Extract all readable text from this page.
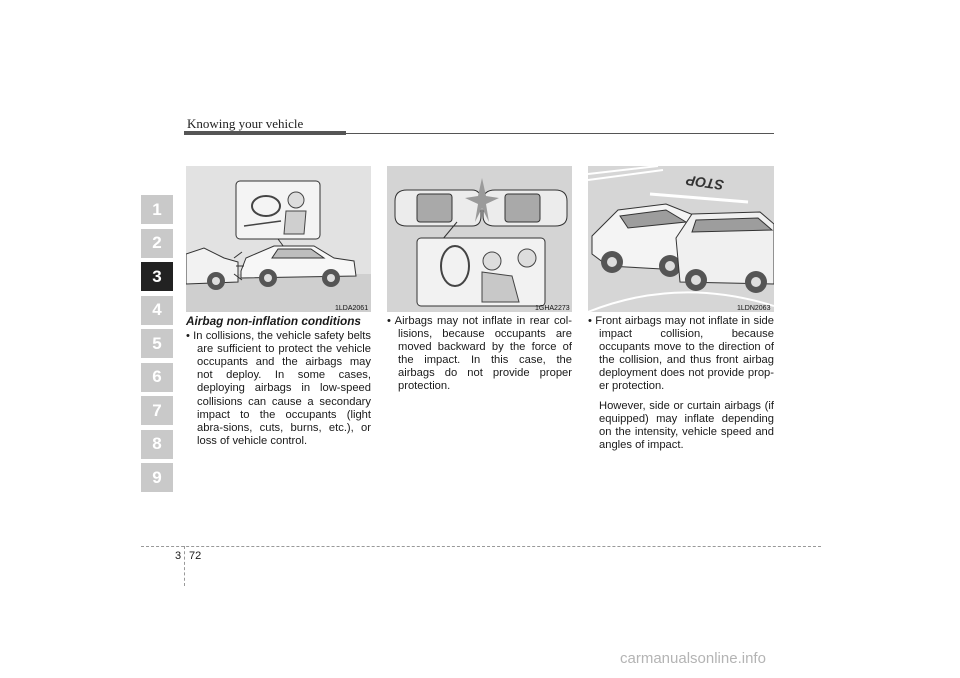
Knowing your vehicle
1
2
3
4
5
6
7
8
9
1LDA2061	1GHA2273
STOP
1LDN2063

Airbag non-inflation conditions

• In collisions, the vehicle safety belts are sufficient to protect the vehicle occupants and the airbags may not deploy. In some cases, deploying airbags in low-speed collisions can cause a secondary impact to the occupants (light abra-sions, cuts, burns, etc.), or loss of vehicle control.

• Airbags may not inflate in rear col-lisions, because occupants are moved backward by the force of the impact. In this case, the airbags do not provide proper protection.

• Front airbags may not inflate in side impact collision, because occupants move to the direction of the collision, and thus front airbag deployment does not provide prop-er protection.

However, side or curtain airbags (if equipped) may inflate depending on the intensity, vehicle speed and angles of impact.

3 72
carmanualsonline.info
